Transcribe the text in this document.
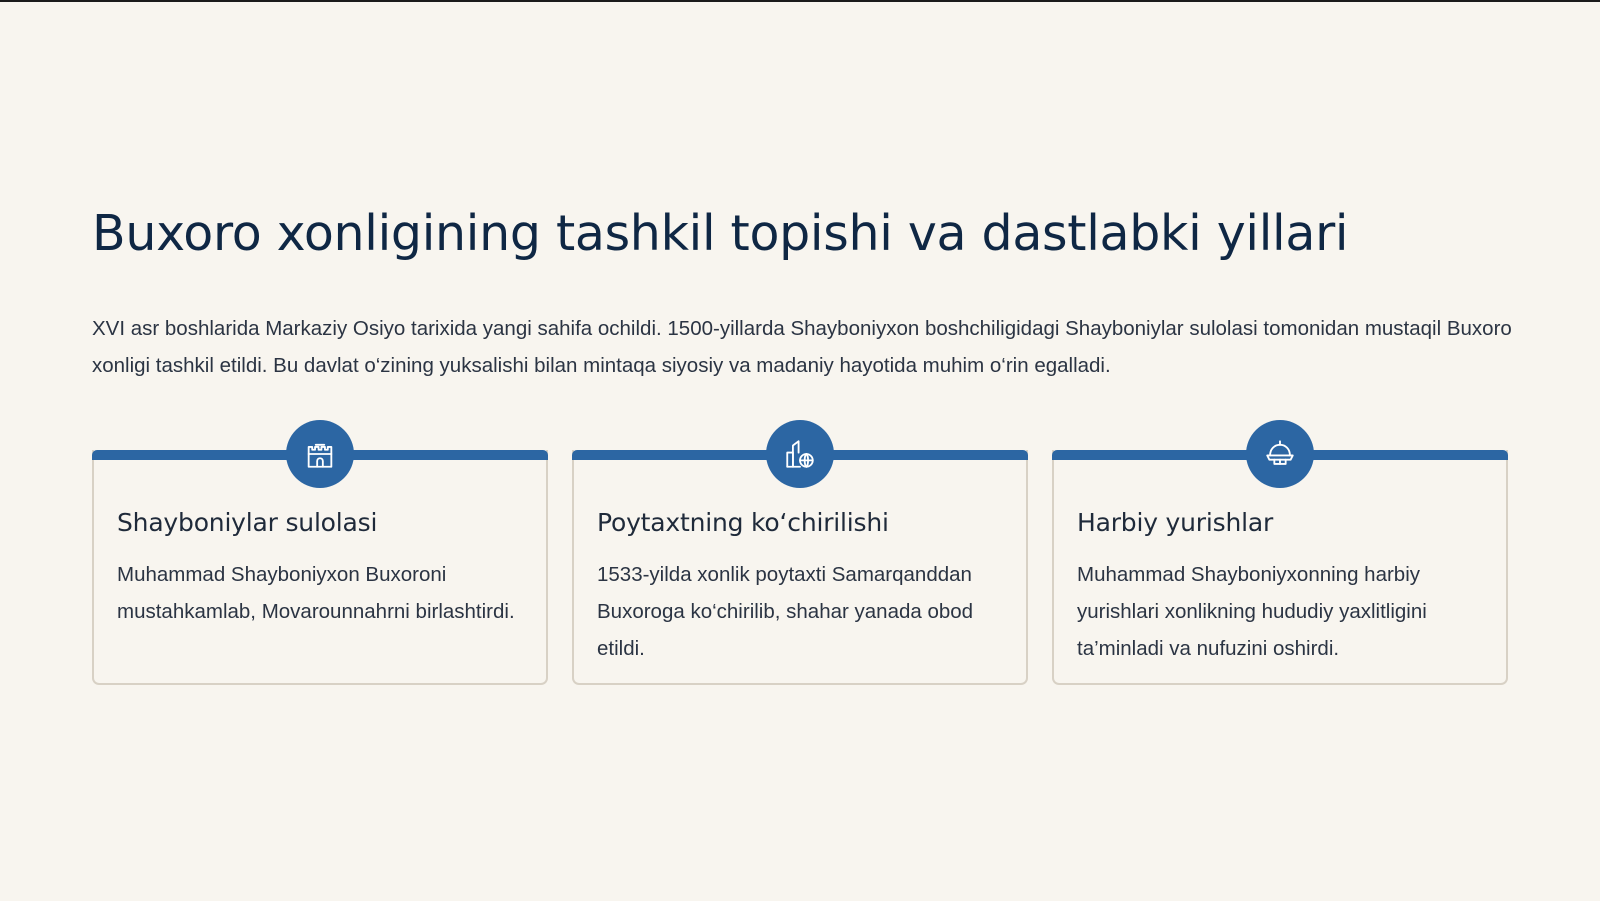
Buxoro xonligining tashkil topishi va dastlabki yillari

XVI asr boshlarida Markaziy Osiyo tarixida yangi sahifa ochildi. 1500-yillarda Shayboniyxon boshchiligidagi Shayboniylar sulolasi tomonidan mustaqil Buxoro xonligi tashkil etildi. Bu davlat o‘zining yuksalishi bilan mintaqa siyosiy va madaniy hayotida muhim o‘rin egalladi.

Shayboniylar sulolasi

Muhammad Shayboniyxon Buxoroni mustahkamlab, Movarounnahrni birlashtirdi.

Poytaxtning ko‘chirilishi

1533-yilda xonlik poytaxti Samarqanddan Buxoroga ko‘chirilib, shahar yanada obod etildi.

Harbiy yurishlar

Muhammad Shayboniyxonning harbiy yurishlari xonlikning hududiy yaxlitligini ta’minladi va nufuzini oshirdi.
